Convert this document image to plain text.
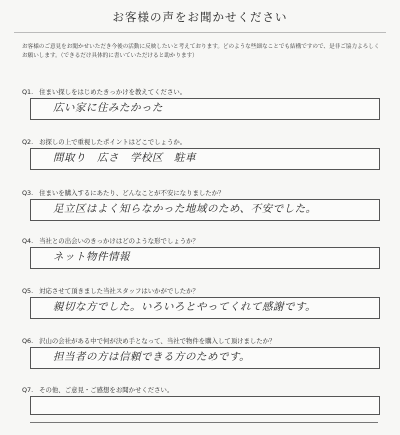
お客様の声をお聞かせください
お客様のご意見をお聞かせいただき今後の活動に反映したいと考えております。どのような些細なことでも結構ですので、是非ご協力よろしくお願いします。（できるだけ具体的に書いていただけると助かります）
Q1. 住まい探しをはじめたきっかけを教えてください。
広い家に住みたかった
Q2. お探しの上で重視したポイントはどこでしょうか。
間取り　広さ　学校区　駐車
Q3. 住まいを購入するにあたり、どんなことが不安になりましたか？
足立区はよく知らなかった地域のため、不安でした。
Q4. 当社との出会いのきっかけはどのような形でしょうか？
ネット物件情報
Q5. 対応させて頂きました当社スタッフはいかがでしたか？
親切な方でした。いろいろとやってくれて感謝です。
Q6. 沢山の会社がある中で何が決め手となって、当社で物件を購入して頂けましたか？
担当者の方は信頼できる方のためです。
Q7. その他、ご意見・ご感想をお聞かせください。
